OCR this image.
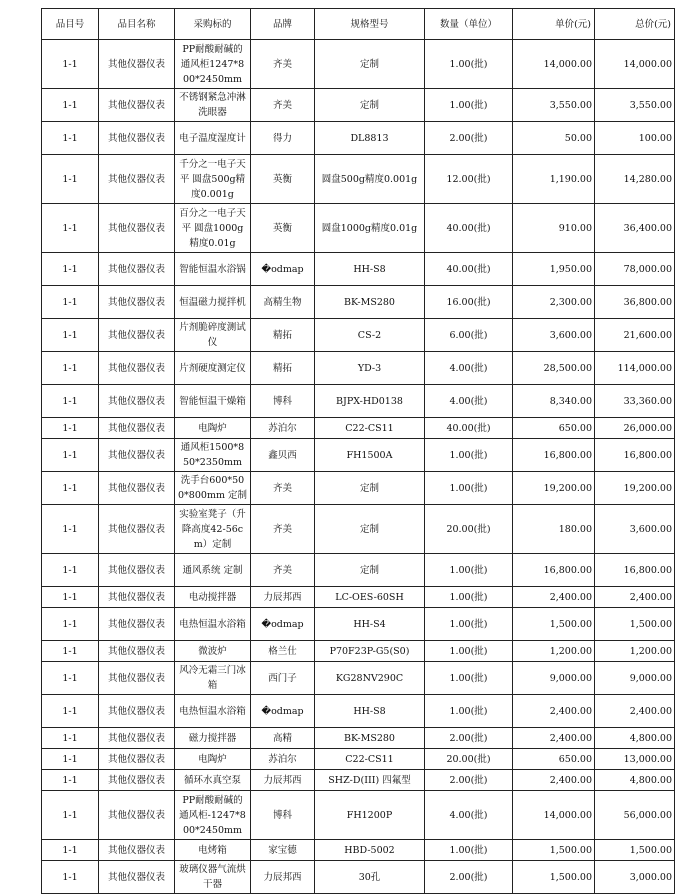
品目号	品目名称	采购标的	品牌	规格型号	数量（单位）	单价(元)	总价(元)
1-1	其他仪器仪表	PP耐酸耐碱的通风柜1247*800*2450mm	齐美	定制	1.00(批)	14,000.00	14,000.00
1-1	其他仪器仪表	不锈钢紧急冲淋洗眼器	齐美	定制	1.00(批)	3,550.00	3,550.00
1-1	其他仪器仪表	电子温度湿度计	得力	DL8813	2.00(批)	50.00	100.00
1-1	其他仪器仪表	千分之一电子天平 圆盘500g精度0.001g	英衡	圆盘500g精度0.001g	12.00(批)	1,190.00	14,280.00
1-1	其他仪器仪表	百分之一电子天平 圆盘1000g精度0.01g	英衡	圆盘1000g精度0.01g	40.00(批)	910.00	36,400.00
1-1	其他仪器仪表	智能恒温水浴锅	�odmap	HH-S8	40.00(批)	1,950.00	78,000.00
1-1	其他仪器仪表	恒温磁力搅拌机	高精生物	BK-MS280	16.00(批)	2,300.00	36,800.00
1-1	其他仪器仪表	片剂脆碎度测试仪	精拓	CS-2	6.00(批)	3,600.00	21,600.00
1-1	其他仪器仪表	片剂硬度测定仪	精拓	YD-3	4.00(批)	28,500.00	114,000.00
1-1	其他仪器仪表	智能恒温干燥箱	博科	BJPX-HD0138	4.00(批)	8,340.00	33,360.00
1-1	其他仪器仪表	电陶炉	苏泊尔	C22-CS11	40.00(批)	650.00	26,000.00
1-1	其他仪器仪表	通风柜1500*850*2350mm	鑫贝西	FH1500A	1.00(批)	16,800.00	16,800.00
1-1	其他仪器仪表	洗手台600*500*800mm 定制	齐美	定制	1.00(批)	19,200.00	19,200.00
1-1	其他仪器仪表	实验室凳子（升降高度42-56cm）定制	齐美	定制	20.00(批)	180.00	3,600.00
1-1	其他仪器仪表	通风系统 定制	齐美	定制	1.00(批)	16,800.00	16,800.00
1-1	其他仪器仪表	电动搅拌器	力辰邦西	LC-OES-60SH	1.00(批)	2,400.00	2,400.00
1-1	其他仪器仪表	电热恒温水浴箱	�odmap	HH-S4	1.00(批)	1,500.00	1,500.00
1-1	其他仪器仪表	微波炉	格兰仕	P70F23P-G5(S0)	1.00(批)	1,200.00	1,200.00
1-1	其他仪器仪表	风冷无霜三门冰箱	西门子	KG28NV290C	1.00(批)	9,000.00	9,000.00
1-1	其他仪器仪表	电热恒温水浴箱	�odmap	HH-S8	1.00(批)	2,400.00	2,400.00
1-1	其他仪器仪表	磁力搅拌器	高精	BK-MS280	2.00(批)	2,400.00	4,800.00
1-1	其他仪器仪表	电陶炉	苏泊尔	C22-CS11	20.00(批)	650.00	13,000.00
1-1	其他仪器仪表	循环水真空泵	力辰邦西	SHZ-D(III) 四氟型	2.00(批)	2,400.00	4,800.00
1-1	其他仪器仪表	PP耐酸耐碱的通风柜-1247*800*2450mm	博科	FH1200P	4.00(批)	14,000.00	56,000.00
1-1	其他仪器仪表	电烤箱	家宝德	HBD-5002	1.00(批)	1,500.00	1,500.00
1-1	其他仪器仪表	玻璃仪器气流烘干器	力辰邦西	30孔	2.00(批)	1,500.00	3,000.00
